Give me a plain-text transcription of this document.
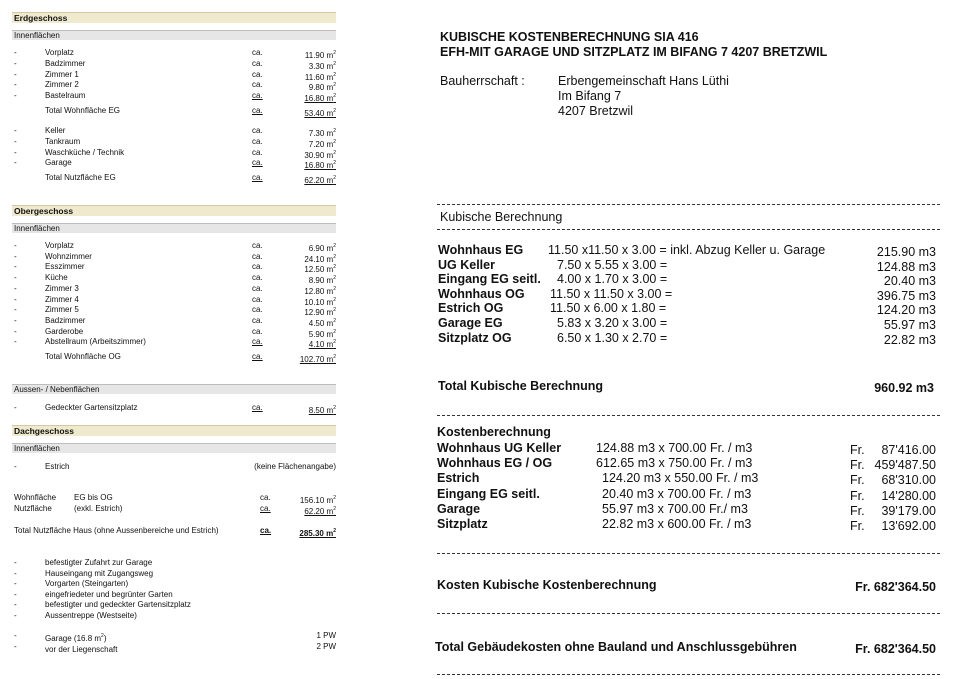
Erdgeschoss
Innenflächen
-	Vorplatz	ca.	11.90 $m^2$
-	Badzimmer	ca.	3.30 $m^2$
-	Zimmer 1	ca.	11.60 $m^2$
-	Zimmer 2	ca.	9.80 $m^2$
-	Bastelraum	ca.	16.80 $m^2$
Total Wohnfläche EG	ca.	53.40 $m^2$
-	Keller	ca.	7.30 $m^2$
-	Tankraum	ca.	7.20 $m^2$
-	Waschküche / Technik	ca.	30.90 $m^2$
-	Garage	ca.	16.80 $m^2$
Total Nutzfläche EG	ca.	62.20 $m^2$
Obergeschoss
Innenflächen
-	Vorplatz	ca.	6.90 $m^2$
-	Wohnzimmer	ca.	24.10 $m^2$
-	Esszimmer	ca.	12.50 $m^2$
-	Küche	ca.	8.90 $m^2$
-	Zimmer 3	ca.	12.80 $m^2$
-	Zimmer 4	ca.	10.10 $m^2$
-	Zimmer 5	ca.	12.90 $m^2$
-	Badzimmer	ca.	4.50 $m^2$
-	Garderobe	ca.	5.90 $m^2$
-	Abstellraum (Arbeitszimmer)	ca.	4.10 $m^2$
Total Wohnfläche OG	ca.	102.70 $m^2$
Aussen- / Nebenflächen
-	Gedeckter Gartensitzplatz	ca.	8.50 $m^2$
Dachgeschoss
Innenflächen
-	Estrich	(keine Flächenangabe)
Wohnfläche EG bis OG	ca.	156.10 $m^2$
Nutzfläche	(exkl. Estrich)	ca.	62.20 $m^2$
Total Nutzfläche Haus (ohne Aussenbereiche und Estrich)	ca.	285.30 $m^2$
-	befestigter Zufahrt zur Garage
-	Hauseingang mit Zugangsweg
-	Vorgarten (Steingarten)
-	eingefriedeter und begrünter Garten
-	befestigter und gedeckter Gartensitzplatz
-	Aussentreppe (Westseite)
-	Garage (16.8 $m^2$)	1 PW
-	vor der Liegenschaft	2 PW
KUBISCHE KOSTENBERECHNUNG SIA 416
EFH-MIT GARAGE UND SITZPLATZ IM BIFANG 7 4207 BRETZWIL
Bauherrschaft :	Erbengemeinschaft Hans Lüthi
Im Bifang 7
4207 Bretzwil
Kubische Berechnung
Wohnhaus EG 11.50 x11.50 x 3.00 = inkl. Abzug Keller u. Garage	215.90 m3
UG Keller	7.50 x 5.55 x 3.00 =	124.88 m3
Eingang EG seitl. 4.00 x 1.70 x 3.00 =	20.40 m3
Wohnhaus OG 11.50 x 11.50 x 3.00 =	396.75 m3
Estrich OG	11.50 x 6.00 x 1.80 =	124.20 m3
Garage EG	5.83 x 3.20 x 3.00 =	55.97 m3
Sitzplatz OG	6.50 x 1.30 x 2.70 =	22.82 m3
Total Kubische Berechnung	960.92 m3
Kostenberechnung
Wohnhaus UG Keller	124.88 m3 x 700.00 Fr. / m3	Fr. 87'416.00
Wohnhaus EG / OG	612.65 m3 x 750.00 Fr. / m3	Fr. 459'487.50
Estrich	124.20 m3 x 550.00 Fr. / m3	Fr. 68'310.00
Eingang EG seitl.	20.40 m3 x 700.00 Fr. / m3	Fr. 14'280.00
Garage	55.97 m3 x 700.00 Fr./ m3	Fr. 39'179.00
Sitzplatz	22.82 m3 x 600.00 Fr. / m3	Fr. 13'692.00
Kosten Kubische Kostenberechnung	Fr. 682'364.50
Total Gebäudekosten ohne Bauland und Anschlussgebühren	Fr. 682'364.50
